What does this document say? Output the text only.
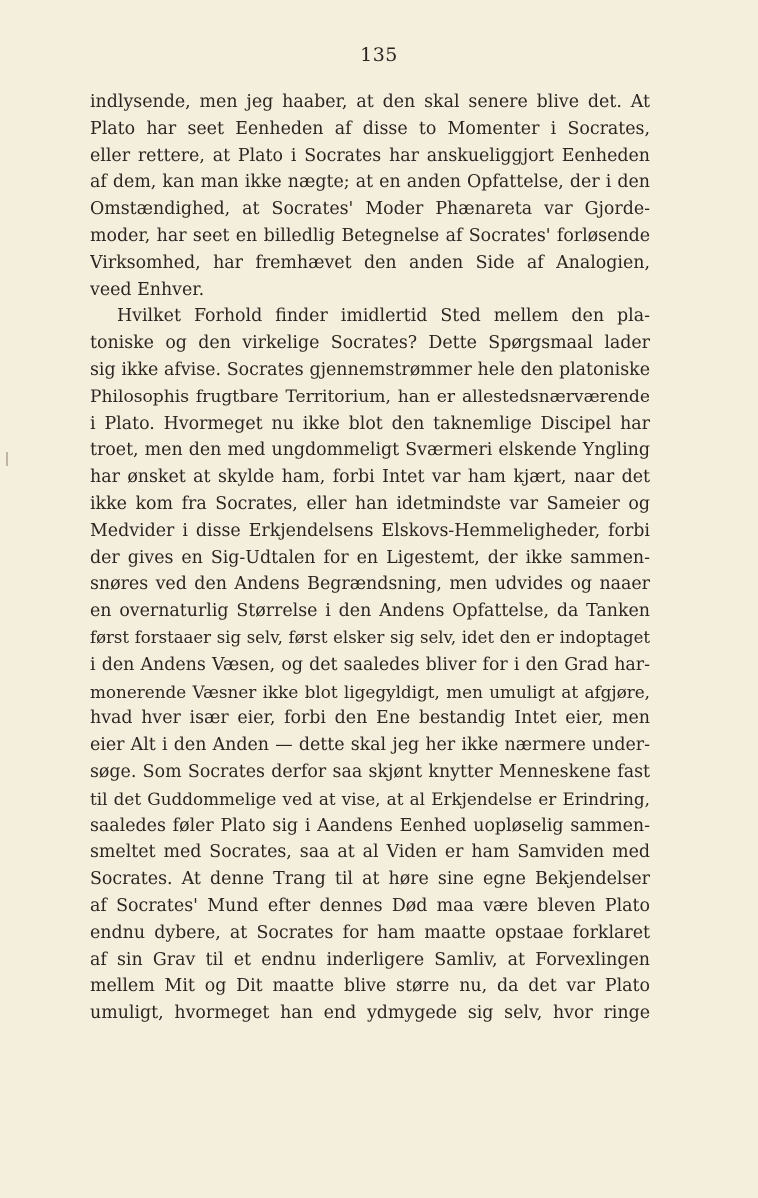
135
indlysende, men jeg haaber, at den skal senere blive det. At
Plato har seet Eenheden af disse to Momenter i Socrates,
eller rettere, at Plato i Socrates har anskueliggjort Eenheden
af dem, kan man ikke nægte; at en anden Opfattelse, der i den
Omstændighed, at Socrates' Moder Phænareta var Gjorde-
moder, har seet en billedlig Betegnelse af Socrates' forløsende
Virksomhed, har fremhævet den anden Side af Analogien,
veed Enhver.
Hvilket Forhold finder imidlertid Sted mellem den pla-
toniske og den virkelige Socrates? Dette Spørgsmaal lader
sig ikke afvise. Socrates gjennemstrømmer hele den platoniske
Philosophis frugtbare Territorium, han er allestedsnærværende
i Plato. Hvormeget nu ikke blot den taknemlige Discipel har
troet, men den med ungdommeligt Sværmeri elskende Yngling
har ønsket at skylde ham, forbi Intet var ham kjært, naar det
ikke kom fra Socrates, eller han idetmindste var Sameier og
Medvider i disse Erkjendelsens Elskovs-Hemmeligheder, forbi
der gives en Sig-Udtalen for en Ligestemt, der ikke sammen-
snøres ved den Andens Begrændsning, men udvides og naaer
en overnaturlig Størrelse i den Andens Opfattelse, da Tanken
først forstaaer sig selv, først elsker sig selv, idet den er indoptaget
i den Andens Væsen, og det saaledes bliver for i den Grad har-
monerende Væsner ikke blot ligegyldigt, men umuligt at afgjøre,
hvad hver især eier, forbi den Ene bestandig Intet eier, men
eier Alt i den Anden — dette skal jeg her ikke nærmere under-
søge. Som Socrates derfor saa skjønt knytter Menneskene fast
til det Guddommelige ved at vise, at al Erkjendelse er Erindring,
saaledes føler Plato sig i Aandens Eenhed uopløselig sammen-
smeltet med Socrates, saa at al Viden er ham Samviden med
Socrates. At denne Trang til at høre sine egne Bekjendelser
af Socrates' Mund efter dennes Død maa være bleven Plato
endnu dybere, at Socrates for ham maatte opstaae forklaret
af sin Grav til et endnu inderligere Samliv, at Forvexlingen
mellem Mit og Dit maatte blive større nu, da det var Plato
umuligt, hvormeget han end ydmygede sig selv, hvor ringe
